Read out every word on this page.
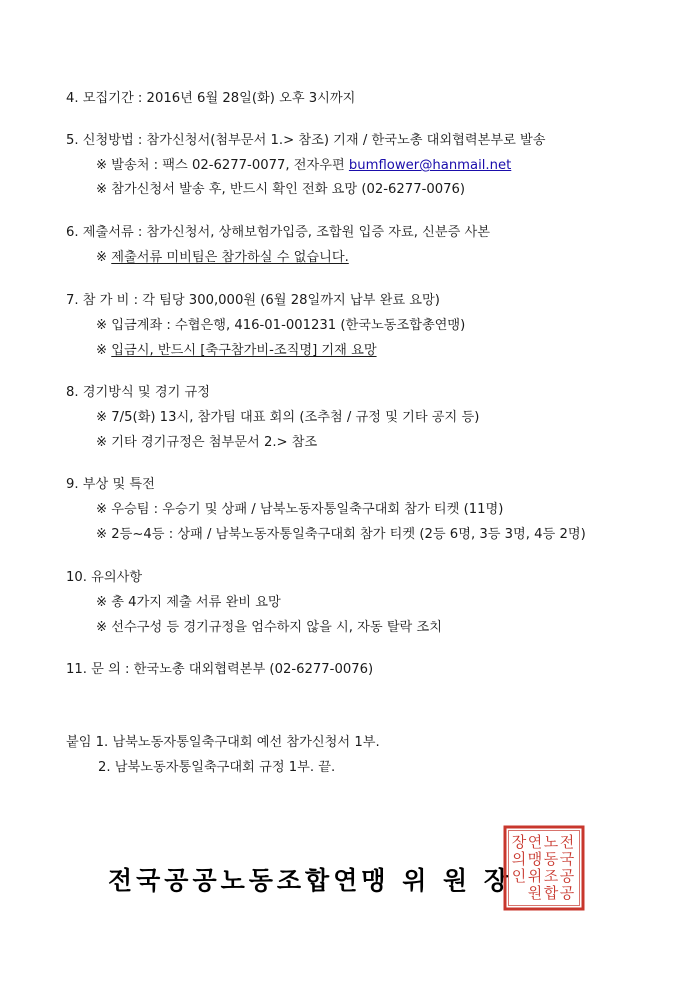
4. 모집기간 : 2016년 6월 28일(화) 오후 3시까지
5. 신청방법 : 참가신청서(첨부문서 1.> 참조) 기재 / 한국노총 대외협력본부로 발송
※ 발송처 : 팩스 02-6277-0077, 전자우편 bumflower@hanmail.net
※ 참가신청서 발송 후, 반드시 확인 전화 요망 (02-6277-0076)
6. 제출서류 : 참가신청서, 상해보험가입증, 조합원 입증 자료, 신분증 사본
※ 제출서류 미비팀은 참가하실 수 없습니다.
7. 참 가 비 : 각 팀당 300,000원 (6월 28일까지 납부 완료 요망)
※ 입금계좌 : 수협은행, 416-01-001231 (한국노동조합총연맹)
※ 입금시, 반드시 [축구참가비-조직명] 기재 요망
8. 경기방식 및 경기 규정
※ 7/5(화) 13시, 참가팀 대표 회의 (조추첨 / 규정 및 기타 공지 등)
※ 기타 경기규정은 첨부문서 2.> 참조
9. 부상 및 특전
※ 우승팀 : 우승기 및 상패 / 남북노동자통일축구대회 참가 티켓 (11명)
※ 2등~4등 : 상패 / 남북노동자통일축구대회 참가 티켓 (2등 6명, 3등 3명, 4등 2명)
10. 유의사항
※ 총 4가지 제출 서류 완비 요망
※ 선수구성 등 경기규정을 엄수하지 않을 시, 자동 탈락 조치
11. 문 의 : 한국노총 대외협력본부 (02-6277-0076)
붙임 1. 남북노동자통일축구대회 예선 참가신청서 1부.
2. 남북노동자통일축구대회 규정 1부. 끝.
전국공공노동조합연맹 위 원 장
전
국
공
공
노
동
조
합
연
맹
위
원
장
의
인
